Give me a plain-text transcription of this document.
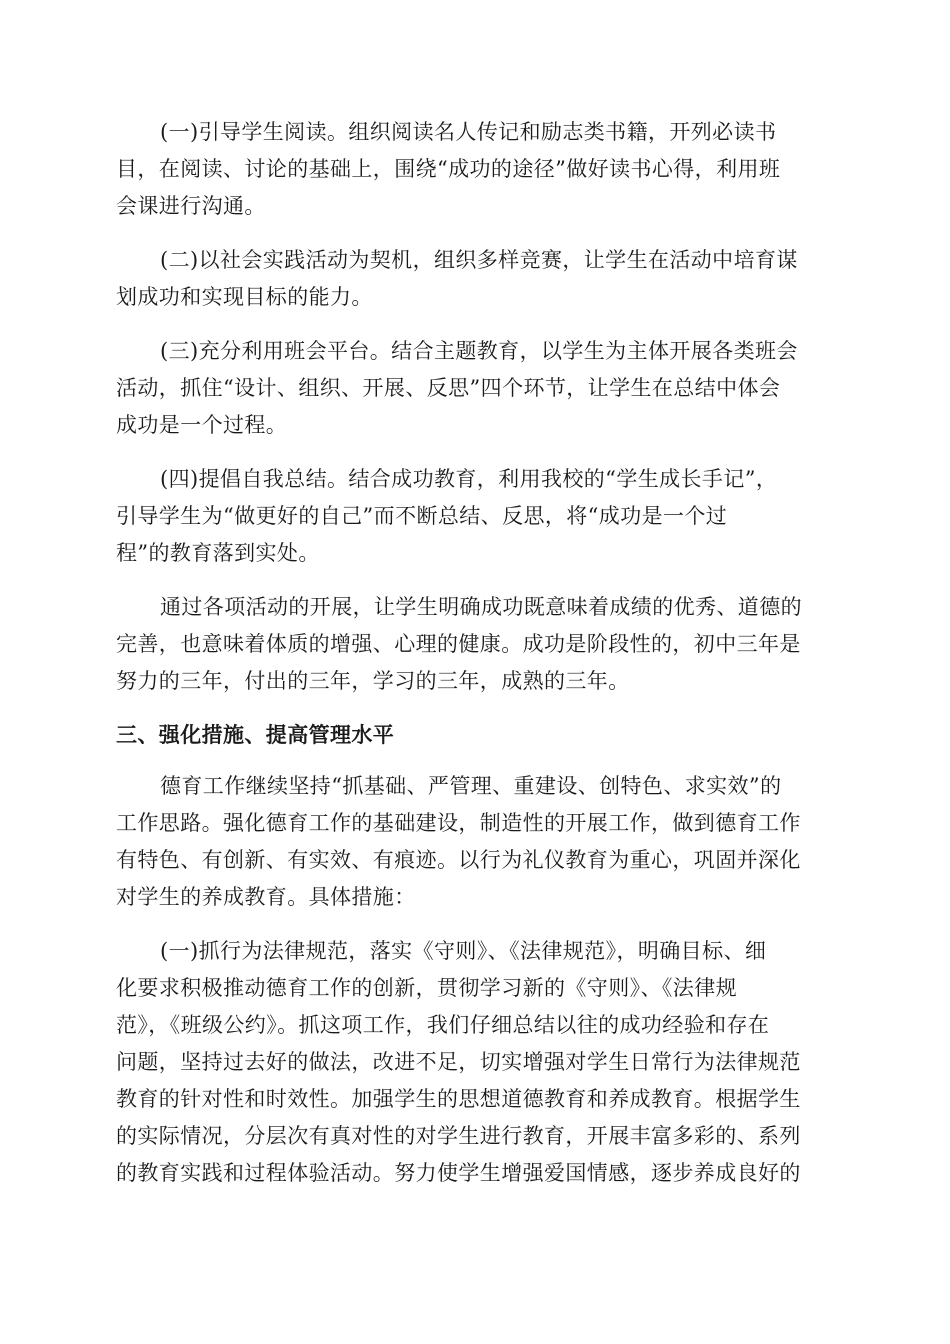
(一)引导学生阅读。组织阅读名人传记和励志类书籍，开列必读书
目，在阅读、讨论的基础上，围绕“成功的途径”做好读书心得，利用班
会课进行沟通。

(二)以社会实践活动为契机，组织多样竞赛，让学生在活动中培育谋
划成功和实现目标的能力。

(三)充分利用班会平台。结合主题教育，以学生为主体开展各类班会
活动，抓住“设计、组织、开展、反思”四个环节，让学生在总结中体会
成功是一个过程。

(四)提倡自我总结。结合成功教育，利用我校的“学生成长手记”，
引导学生为“做更好的自己”而不断总结、反思，将“成功是一个过
程”的教育落到实处。

通过各项活动的开展，让学生明确成功既意味着成绩的优秀、道德的
完善，也意味着体质的增强、心理的健康。成功是阶段性的，初中三年是
努力的三年，付出的三年，学习的三年，成熟的三年。

三、强化措施、提高管理水平

德育工作继续坚持“抓基础、严管理、重建设、创特色、求实效”的
工作思路。强化德育工作的基础建设，制造性的开展工作，做到德育工作
有特色、有创新、有实效、有痕迹。以行为礼仪教育为重心，巩固并深化
对学生的养成教育。具体措施：

(一)抓行为法律规范，落实《守则》、《法律规范》，明确目标、细
化要求积极推动德育工作的创新，贯彻学习新的《守则》、《法律规
范》，《班级公约》。抓这项工作，我们仔细总结以往的成功经验和存在
问题，坚持过去好的做法，改进不足，切实增强对学生日常行为法律规范
教育的针对性和时效性。加强学生的思想道德教育和养成教育。根据学生
的实际情况，分层次有真对性的对学生进行教育，开展丰富多彩的、系列
的教育实践和过程体验活动。努力使学生增强爱国情感，逐步养成良好的
